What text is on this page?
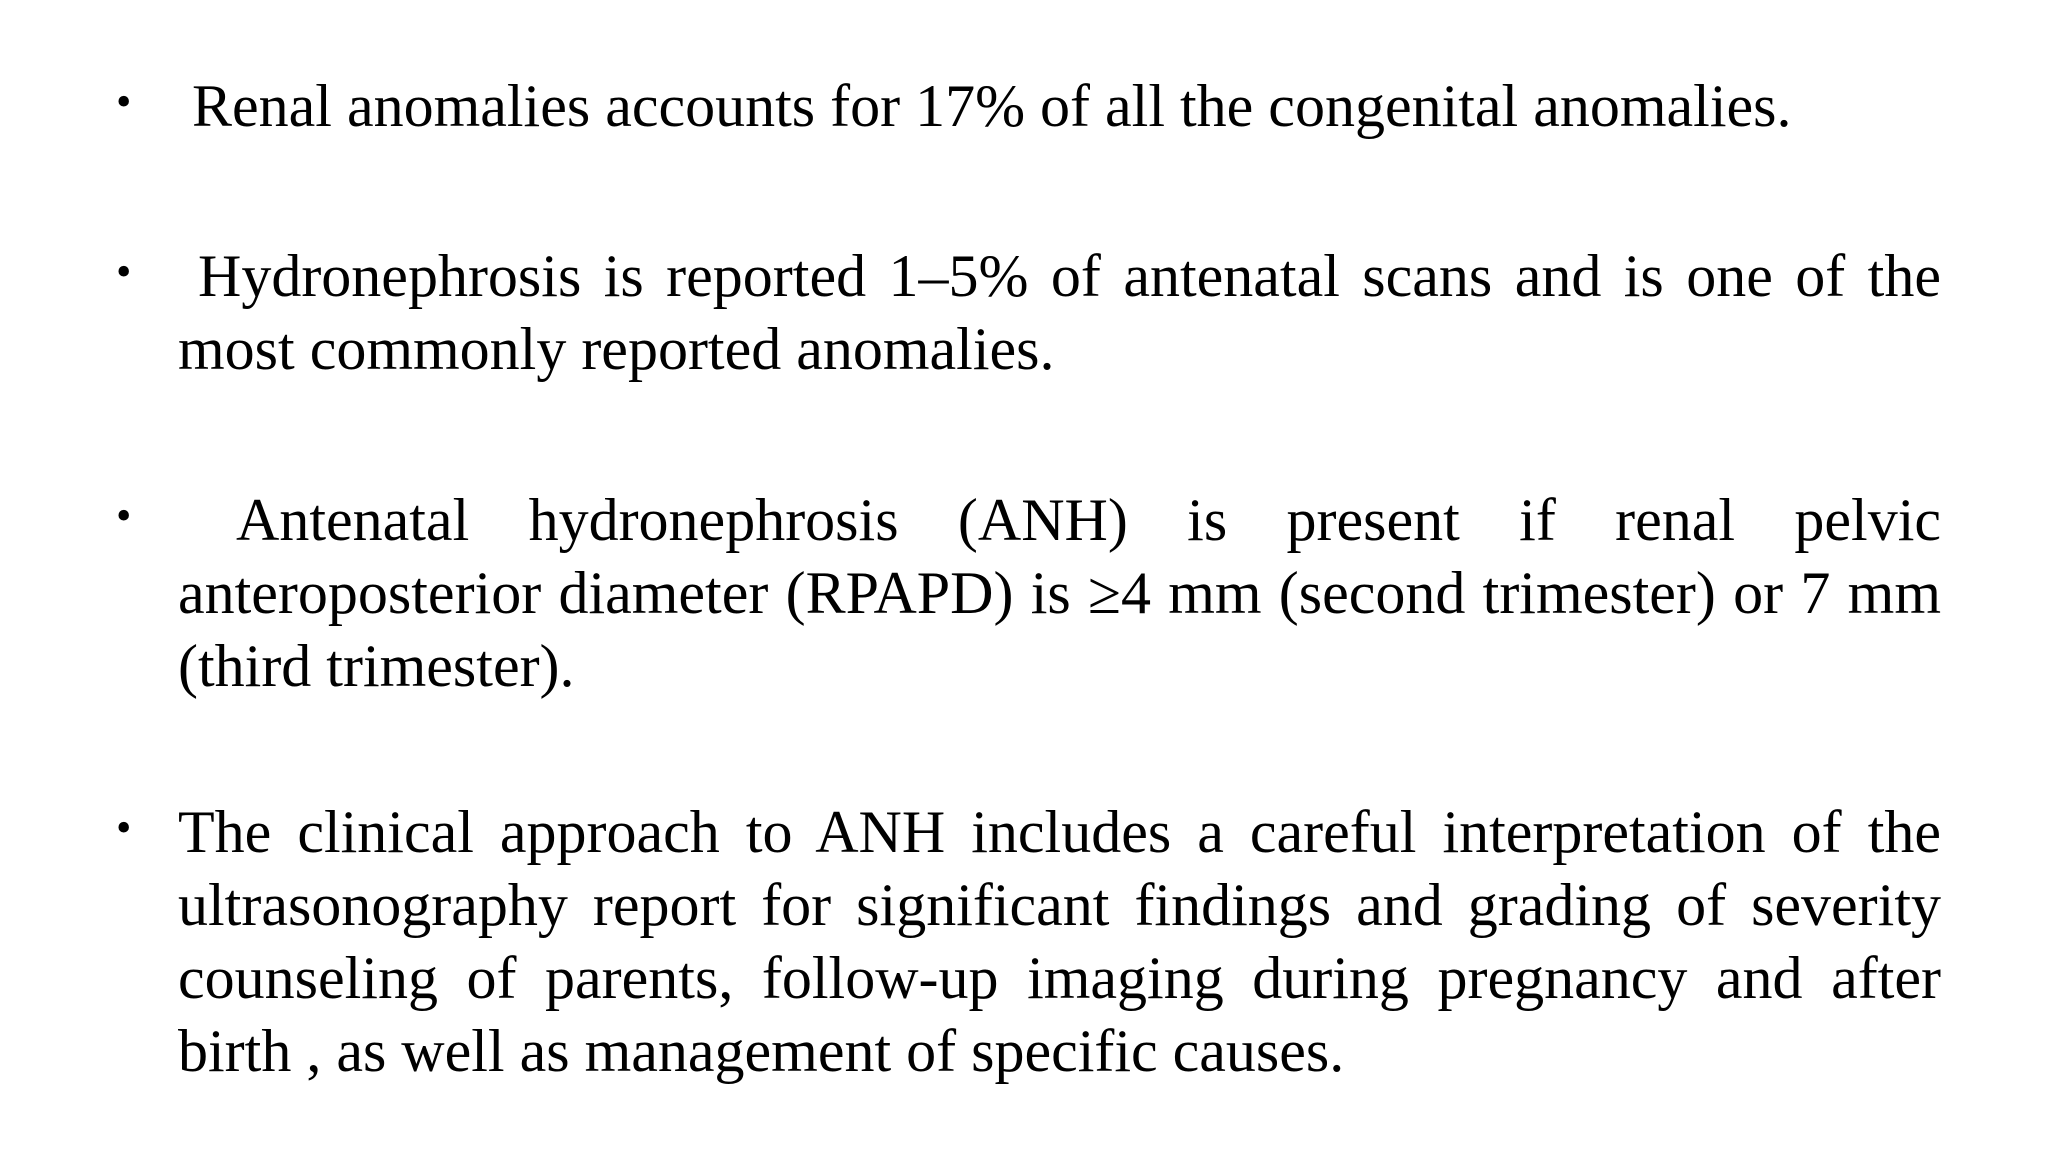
• Renal anomalies accounts for 17% of all the congenital anomalies.
•	Hydronephrosis is reported 1–5% of antenatal scans and is one of the most commonly reported anomalies.
•	Antenatal hydronephrosis (ANH) is present if renal pelvic anteroposterior diameter (RPAPD) is ≥4 mm (second trimester) or 7 mm (third trimester).
• The clinical approach to ANH includes a careful interpretation of the ultrasonography report for significant findings and grading of severity counseling of parents, follow-up imaging during pregnancy and after birth , as well as management of specific causes.
